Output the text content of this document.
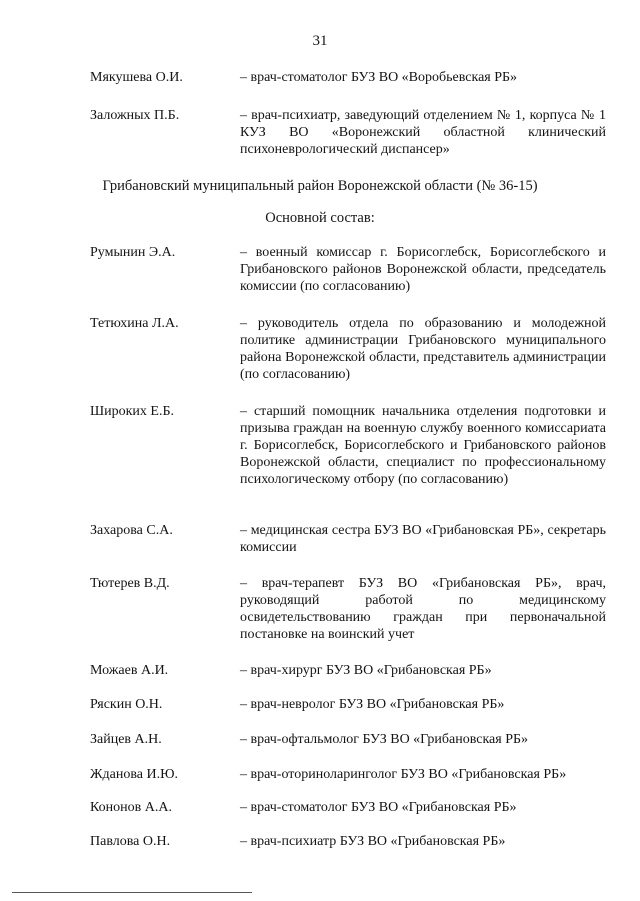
31
Мякушева О.И.	– врач-стоматолог БУЗ ВО «Воробьевская РБ»
Заложных П.Б.	– врач-психиатр, заведующий отделением № 1, корпуса № 1 КУЗ ВО «Воронежский областной клинический психоневрологический диспансер»
Грибановский муниципальный район Воронежской области (№ 36-15)
Основной состав:
Румынин Э.А.	– военный комиссар г. Борисоглебск, Борисоглебского и Грибановского районов Воронежской области, председатель комиссии (по согласованию)
Тетюхина Л.А.	– руководитель отдела по образованию и молодежной политике администрации Грибановского муниципального района Воронежской области, представитель администрации (по согласованию)
Широких Е.Б.	– старший помощник начальника отделения подготовки и призыва граждан на военную службу военного комиссариата г. Борисоглебск, Борисоглебского и Грибановского районов Воронежской области, специалист по профессиональному психологическому отбору (по согласованию)
Захарова С.А.	– медицинская сестра БУЗ ВО «Грибановская РБ», секретарь комиссии
Тютерев В.Д.	– врач-терапевт БУЗ ВО «Грибановская РБ», врач, руководящий работой по медицинскому освидетельствованию граждан при первоначальной постановке на воинский учет
Можаев А.И.	– врач-хирург БУЗ ВО «Грибановская РБ»
Ряскин О.Н.	– врач-невролог БУЗ ВО «Грибановская РБ»
Зайцев А.Н.	– врач-офтальмолог БУЗ ВО «Грибановская РБ»
Жданова И.Ю.	– врач-оториноларинголог БУЗ ВО «Грибановская РБ»
Кононов А.А.	– врач-стоматолог БУЗ ВО «Грибановская РБ»
Павлова О.Н.	– врач-психиатр БУЗ ВО «Грибановская РБ»
